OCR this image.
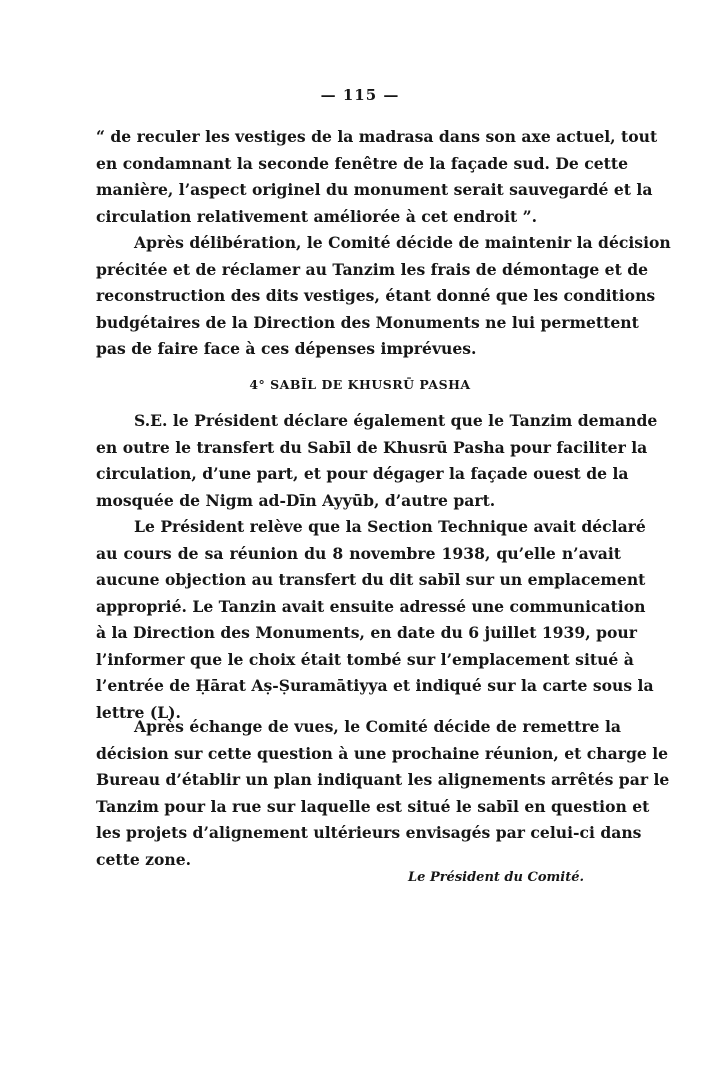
— 115 —
“ de reculer les vestiges de la madrasa dans son axe actuel, tout
en condamnant la seconde fenêtre de la façade sud. De cette
manière, l’aspect originel du monument serait sauvegardé et la
circulation relativement améliorée à cet endroit ”.
Après délibération, le Comité décide de maintenir la décision
précitée et de réclamer au Tanzim les frais de démontage et de
reconstruction des dits vestiges, étant donné que les conditions
budgétaires de la Direction des Monuments ne lui permettent
pas de faire face à ces dépenses imprévues.
4° SABĪL DE KHUSRŪ PASHA
S.E. le Président déclare également que le Tanzim demande
en outre le transfert du Sabīl de Khusrū Pasha pour faciliter la
circulation, d’une part, et pour dégager la façade ouest de la
mosquée de Nigm ad-Dīn Ayyūb, d’autre part.
Le Président relève que la Section Technique avait déclaré
au cours de sa réunion du 8 novembre 1938, qu’elle n’avait
aucune objection au transfert du dit sabīl sur un emplacement
approprié. Le Tanzin avait ensuite adressé une communication
à la Direction des Monuments, en date du 6 juillet 1939, pour
l’informer que le choix était tombé sur l’emplacement situé à
l’entrée de Ḥārat Aṣ-Ṣuramātiyya et indiqué sur la carte sous la
lettre (L).
Après échange de vues, le Comité décide de remettre la
décision sur cette question à une prochaine réunion, et charge le
Bureau d’établir un plan indiquant les alignements arrêtés par le
Tanzim pour la rue sur laquelle est situé le sabīl en question et
les projets d’alignement ultérieurs envisagés par celui-ci dans
cette zone.
Le Président du Comité.
